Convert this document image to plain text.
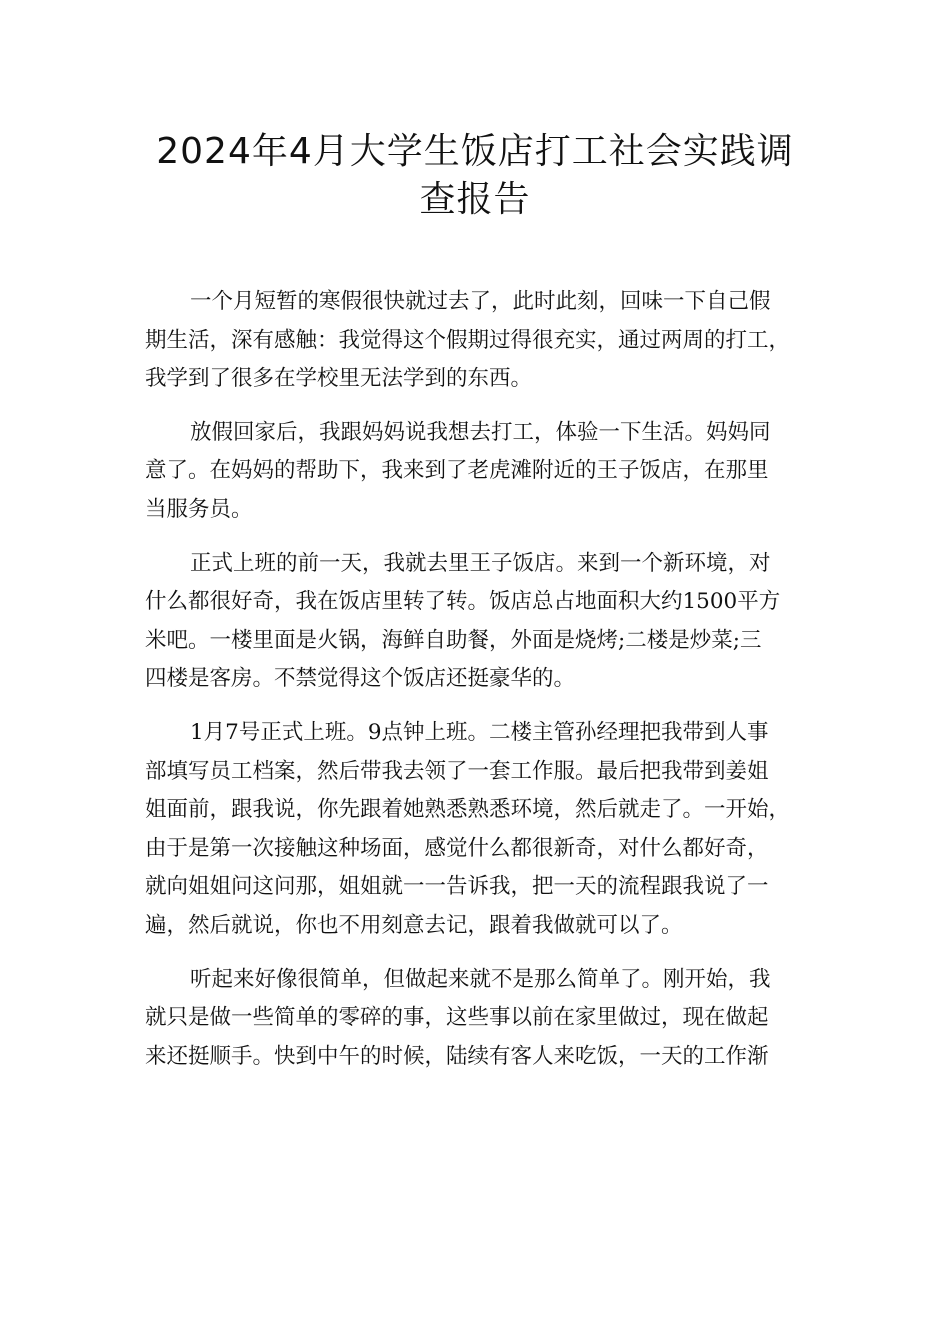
2024年4月大学生饭店打工社会实践调
查报告
一个月短暂的寒假很快就过去了，此时此刻，回味一下自己假
期生活，深有感触：我觉得这个假期过得很充实，通过两周的打工，
我学到了很多在学校里无法学到的东西。
放假回家后，我跟妈妈说我想去打工，体验一下生活。妈妈同
意了。在妈妈的帮助下，我来到了老虎滩附近的王子饭店，在那里
当服务员。
正式上班的前一天，我就去里王子饭店。来到一个新环境，对
什么都很好奇，我在饭店里转了转。饭店总占地面积大约1500平方
米吧。一楼里面是火锅，海鲜自助餐，外面是烧烤;二楼是炒菜;三
四楼是客房。不禁觉得这个饭店还挺豪华的。
1月7号正式上班。9点钟上班。二楼主管孙经理把我带到人事
部填写员工档案，然后带我去领了一套工作服。最后把我带到姜姐
姐面前，跟我说，你先跟着她熟悉熟悉环境，然后就走了。一开始，
由于是第一次接触这种场面，感觉什么都很新奇，对什么都好奇，
就向姐姐问这问那，姐姐就一一告诉我，把一天的流程跟我说了一
遍，然后就说，你也不用刻意去记，跟着我做就可以了。
听起来好像很简单，但做起来就不是那么简单了。刚开始，我
就只是做一些简单的零碎的事，这些事以前在家里做过，现在做起
来还挺顺手。快到中午的时候，陆续有客人来吃饭，一天的工作渐
